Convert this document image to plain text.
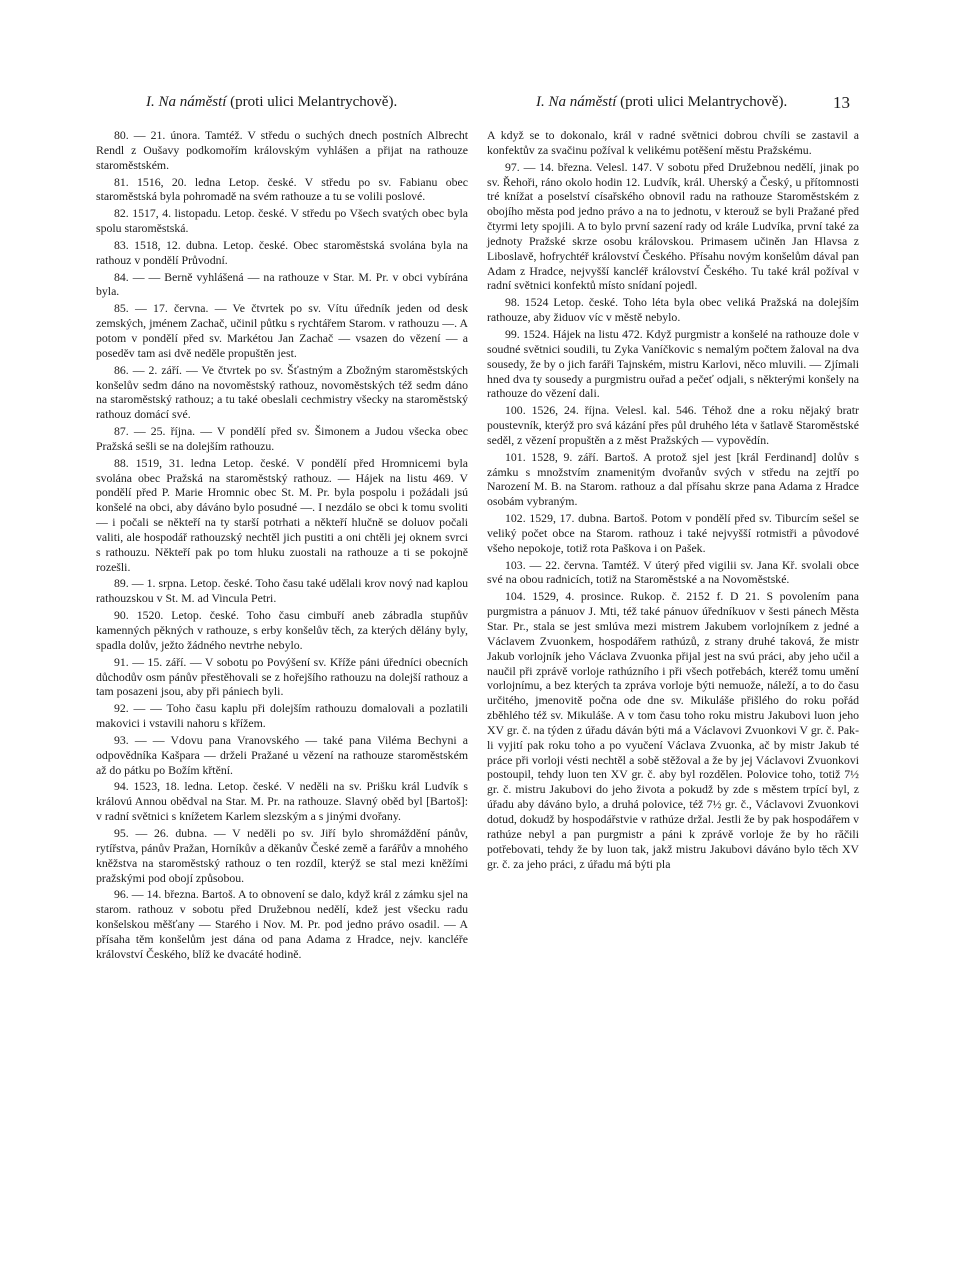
I. Na náměstí (proti ulici Melantrychově).	I. Na náměstí (proti ulici Melantrychově).	13

80. — 21. února. Tamtéž. V středu o suchých dnech postních Albrecht Rendl z Oušavy podkomořím královským vyhlášen a přijat na rathouze staroměstském.

81. 1516, 20. ledna Letop. české. V středu po sv. Fabianu obec staroměstská byla pohromadě na svém rathouze a tu se volili poslové.

82. 1517, 4. listopadu. Letop. české. V středu po Všech svatých obec byla spolu staroměstská.

83. 1518, 12. dubna. Letop. české. Obec staroměstská svolána byla na rathouz v pondělí Průvodní.

84. — — Berně vyhlášená — na rathouze v Star. M. Pr. v obci vybírána byla.

85. — 17. června. — Ve čtvrtek po sv. Vítu úředník jeden od desk zemských, jménem Zachač, učinil půtku s rychtářem Starom. v rathouzu —. A potom v pondělí před sv. Markétou Jan Zachač — vsazen do vězení — a poseděv tam asi dvě neděle propuštěn jest.

86. — 2. září. — Ve čtvrtek po sv. Šťastným a Zbožným staroměstských konšelův sedm dáno na novoměstský rathouz, novoměstských též sedm dáno na staroměstský rathouz; a tu také obeslali cechmistry všecky na staroměstský rathouz domácí své.

87. — 25. října. — V pondělí před sv. Šimonem a Judou všecka obec Pražská sešli se na dolejším rathouzu.

88. 1519, 31. ledna Letop. české. V pondělí před Hromnicemi byla svolána obec Pražská na staroměstský rathouz. — Hájek na listu 469. V pondělí před P. Marie Hromnic obec St. M. Pr. byla pospolu i požádali jsú konšelé na obci, aby dáváno bylo posudné —. I nezdálo se obci k tomu svoliti — i počali se někteří na ty starší potrhati a někteří hlučně se doluov počali valiti, ale hospodář rathouzský nechtěl jich pustiti a oni chtěli jej oknem svrci s rathouzu. Někteří pak po tom hluku zuostali na rathouze a ti se pokojně rozešli.

89. — 1. srpna. Letop. české. Toho času také udělali krov nový nad kaplou rathouzskou v St. M. ad Vincula Petri.

90. 1520. Letop. české. Toho času cimbuří aneb zábradla stupňův kamenných pěkných v rathouze, s erby konšelův těch, za kterých dělány byly, spadla dolův, ježto žádného nevtrhe nebylo.

91. — 15. září. — V sobotu po Povýšení sv. Kříže páni úředníci obecních důchodův osm pánův přestěhovali se z hořejšího rathouzu na dolejší rathouz a tam posazeni jsou, aby při pániech byli.

92. — — Toho času kaplu při dolejším rathouzu domalovali a pozlatili makovici i vstavili nahoru s křížem.

93. — — Vdovu pana Vranovského — také pana Viléma Bechyni a odpovědníka Kašpara — drželi Pražané u vězení na rathouze staroměstském až do pátku po Božím křtění.

94. 1523, 18. ledna. Letop. české. V neděli na sv. Prišku král Ludvík s královú Annou obědval na Star. M. Pr. na rathouze. Slavný oběd byl [Bartoš]: v radní světnici s knížetem Karlem slezským a s jinými dvořany.

95. — 26. dubna. — V neděli po sv. Jiří bylo shromáždění pánův, rytířstva, pánův Pražan, Horníkův a děkanův České země a farářův a mnohého kněžstva na staroměstský rathouz o ten rozdíl, kterýž se stal mezi kněžími pražskými pod obojí způsobou.

96. — 14. března. Bartoš. A to obnovení se dalo, když král z zámku sjel na starom. rathouz v sobotu před Družebnou nedělí, kdež jest všecku radu konšelskou měšťany — Starého i Nov. M. Pr. pod jedno právo osadil. — A přísaha těm konšelům jest dána od pana Adama z Hradce, nejv. kancléře království Českého, blíž ke dvacáté hodině.

A když se to dokonalo, král v radné světnici dobrou chvíli se zastavil a konfektův za svačinu požíval k velikému potěšení městu Pražskému.

97. — 14. března. Velesl. 147. V sobotu před Družebnou nedělí, jinak po sv. Řehoři, ráno okolo hodin 12. Ludvík, král. Uherský a Český, u přítomnosti tré knížat a poselství císařského obnovil radu na rathouze Staroměstském z obojího města pod jedno právo a na to jednotu, v kterouž se byli Pražané před čtyrmi lety spojili. A to bylo první sazení rady od krále Ludvíka, první také za jednoty Pražské skrze osobu královskou. Primasem učiněn Jan Hlavsa z Liboslavě, hofrychtéř království Českého. Přísahu novým konšelům dával pan Adam z Hradce, nejvyšší kancléř království Českého. Tu také král požíval v radní světnici konfektů místo snídaní pojedl.

98. 1524 Letop. české. Toho léta byla obec veliká Pražská na dolejším rathouze, aby židuov víc v městě nebylo.

99. 1524. Hájek na listu 472. Když purgmistr a konšelé na rathouze dole v soudné světnici soudili, tu Zyka Vaníčkovic s nemalým počtem žaloval na dva sousedy, že by o jich faráři Tajnském, mistru Karlovi, něco mluvili. — Zjímali hned dva ty sousedy a purgmistru ouřad a pečeť odjali, s některými konšely na rathouze do vězení dali.

100. 1526, 24. října. Velesl. kal. 546. Téhož dne a roku nějaký bratr poustevník, kterýž pro svá kázání přes půl druhého léta v šatlavě Staroměstské seděl, z vězení propuštěn a z měst Pražských — vypovědín.

101. 1528, 9. září. Bartoš. A protož sjel jest [král Ferdinand] dolův s zámku s množstvím znamenitým dvořanův svých v středu na zejtří po Narození M. B. na Starom. rathouz a dal přísahu skrze pana Adama z Hradce osobám vybraným.

102. 1529, 17. dubna. Bartoš. Potom v pondělí před sv. Tiburcím sešel se veliký počet obce na Starom. rathouz i také nejvyšší rotmistři a původové všeho nepokoje, totiž rota Paškova i on Pašek.

103. — 22. června. Tamtéž. V úterý před vigilii sv. Jana Kř. svolali obce své na obou radnicích, totiž na Staroměstské a na Novoměstské.

104. 1529, 4. prosince. Rukop. č. 2152 f. D 21. S povolením pana purgmistra a pánuov J. Mti, též také pánuov úředníkuov v šesti pánech Města Star. Pr., stala se jest smlúva mezi mistrem Jakubem vorlojníkem z jedné a Václavem Zvuonkem, hospodářem rathúzů, z strany druhé taková, že mistr Jakub vorlojník jeho Václava Zvuonka přijal jest na svú práci, aby jeho učil a naučil při zprávě vorloje rathúzního i při všech potřebách, kteréž tomu umění vorlojnímu, a bez kterých ta zpráva vorloje býti nemuože, náleží, a to do času určitého, jmenovitě počna ode dne sv. Mikuláše přišlého do roku pořád zběhlého též sv. Mikuláše. A v tom času toho roku mistru Jakubovi luon jeho XV gr. č. na týden z úřadu dáván býti má a Václavovi Zvuonkovi V gr. č. Pak-li vyjití pak roku toho a po vyučení Václava Zvuonka, ač by mistr Jakub té práce při vorloji vésti nechtěl a sobě stěžoval a že by jej Václavovi Zvuonkovi postoupil, tehdy luon ten XV gr. č. aby byl rozdělen. Polovice toho, totiž 7½ gr. č. mistru Jakubovi do jeho života a pokudž by zde s městem trpící byl, z úřadu aby dáváno bylo, a druhá polovice, též 7½ gr. č., Václavovi Zvuonkovi dotud, dokudž by hospodářstvie v rathúze držal. Jestli že by pak hospodářem v rathúze nebyl a pan purgmistr a páni k zprávě vorloje že by ho răčili potřebovati, tehdy že by luon tak, jakž mistru Jakubovi dáváno bylo těch XV gr. č. za jeho práci, z úřadu má býti pla
